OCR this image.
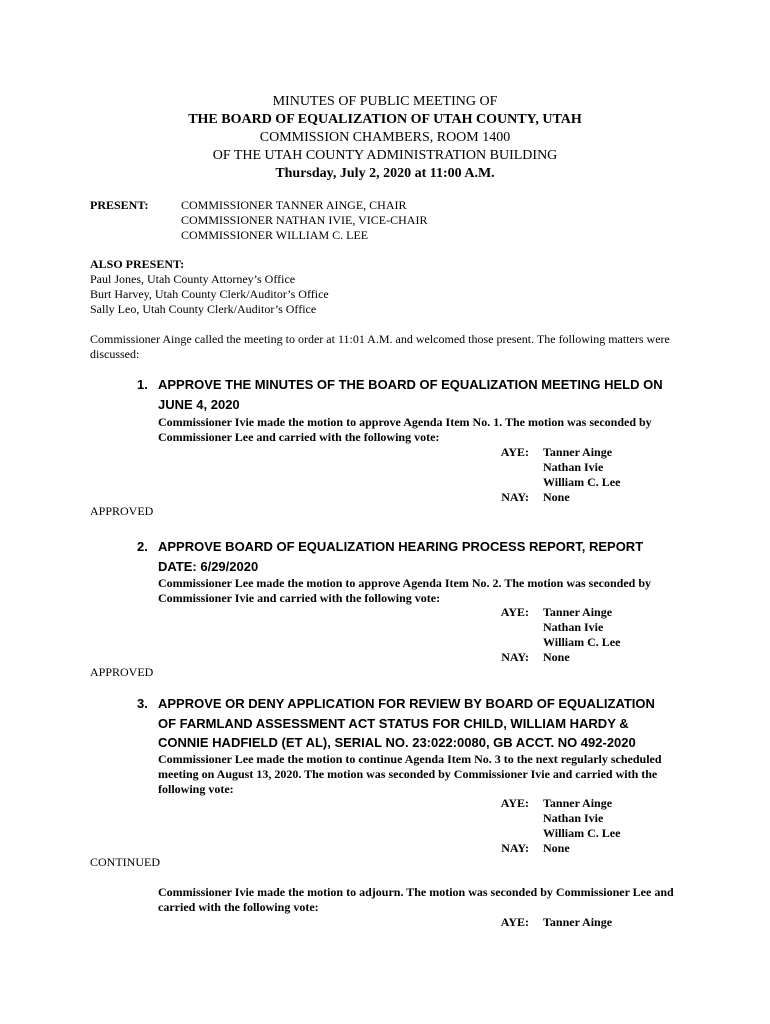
MINUTES OF PUBLIC MEETING OF
THE BOARD OF EQUALIZATION OF UTAH COUNTY, UTAH
COMMISSION CHAMBERS, ROOM 1400
OF THE UTAH COUNTY ADMINISTRATION BUILDING
Thursday, July 2, 2020 at 11:00 A.M.
PRESENT:	COMMISSIONER TANNER AINGE, CHAIR
COMMISSIONER NATHAN IVIE, VICE-CHAIR
COMMISSIONER WILLIAM C. LEE
ALSO PRESENT:
Paul Jones, Utah County Attorney’s Office
Burt Harvey, Utah County Clerk/Auditor’s Office
Sally Leo, Utah County Clerk/Auditor’s Office
Commissioner Ainge called the meeting to order at 11:01 A.M. and welcomed those present. The following matters were discussed:
1. APPROVE THE MINUTES OF THE BOARD OF EQUALIZATION MEETING HELD ON JUNE 4, 2020
Commissioner Ivie made the motion to approve Agenda Item No. 1. The motion was seconded by Commissioner Lee and carried with the following vote:
AYE: Tanner Ainge
Nathan Ivie
William C. Lee
NAY: None
APPROVED
2. APPROVE BOARD OF EQUALIZATION HEARING PROCESS REPORT, REPORT DATE: 6/29/2020
Commissioner Lee made the motion to approve Agenda Item No. 2. The motion was seconded by Commissioner Ivie and carried with the following vote:
AYE: Tanner Ainge
Nathan Ivie
William C. Lee
NAY: None
APPROVED
3. APPROVE OR DENY APPLICATION FOR REVIEW BY BOARD OF EQUALIZATION OF FARMLAND ASSESSMENT ACT STATUS FOR CHILD, WILLIAM HARDY & CONNIE HADFIELD (ET AL), SERIAL NO. 23:022:0080, GB ACCT. NO 492-2020
Commissioner Lee made the motion to continue Agenda Item No. 3 to the next regularly scheduled meeting on August 13, 2020. The motion was seconded by Commissioner Ivie and carried with the following vote:
AYE: Tanner Ainge
Nathan Ivie
William C. Lee
NAY: None
CONTINUED
Commissioner Ivie made the motion to adjourn. The motion was seconded by Commissioner Lee and carried with the following vote:
AYE: Tanner Ainge
